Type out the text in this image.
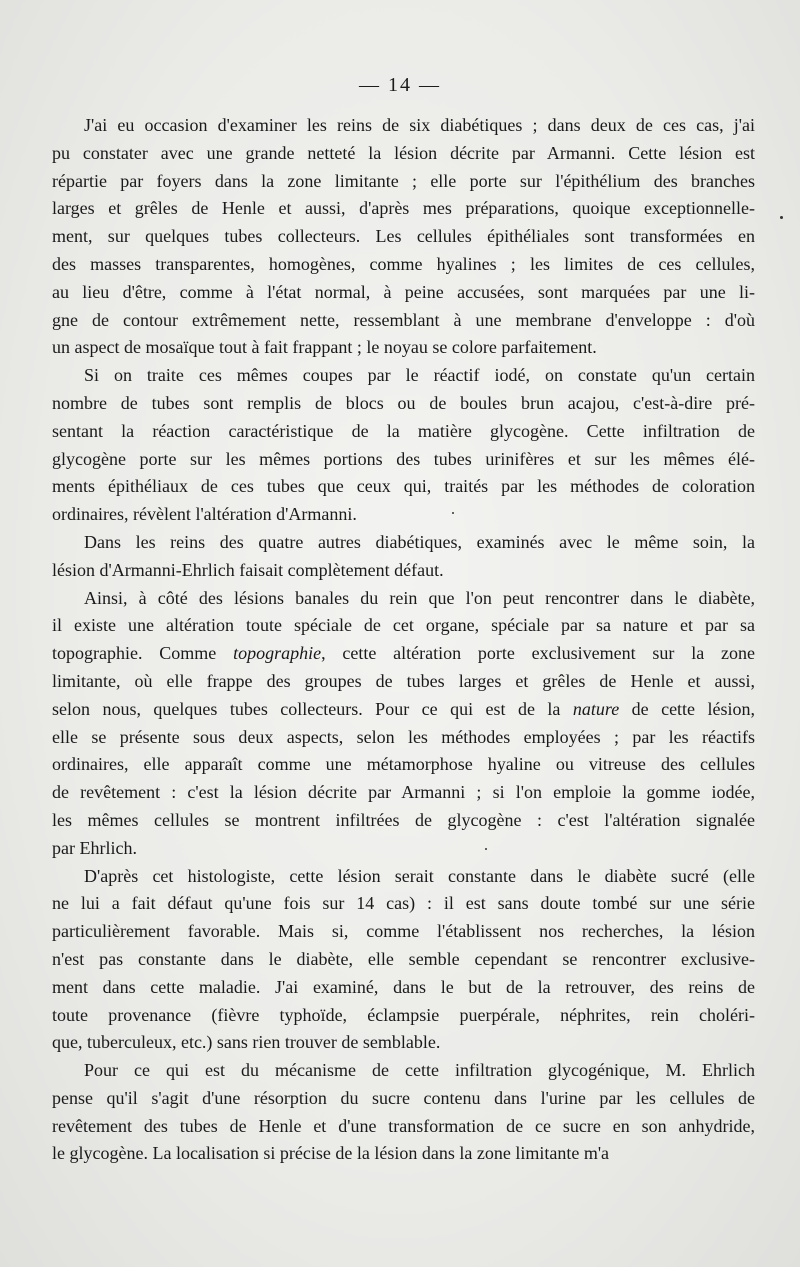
— 14 —

J'ai eu occasion d'examiner les reins de six diabétiques ; dans deux de ces cas, j'ai
pu constater avec une grande netteté la lésion décrite par Armanni. Cette lésion est
répartie par foyers dans la zone limitante ; elle porte sur l'épithélium des branches
larges et grêles de Henle et aussi, d'après mes préparations, quoique exceptionnelle-
ment, sur quelques tubes collecteurs. Les cellules épithéliales sont transformées en
des masses transparentes, homogènes, comme hyalines ; les limites de ces cellules,
au lieu d'être, comme à l'état normal, à peine accusées, sont marquées par une li-
gne de contour extrêmement nette, ressemblant à une membrane d'enveloppe : d'où
un aspect de mosaïque tout à fait frappant ; le noyau se colore parfaitement.

Si on traite ces mêmes coupes par le réactif iodé, on constate qu'un certain
nombre de tubes sont remplis de blocs ou de boules brun acajou, c'est-à-dire pré-
sentant la réaction caractéristique de la matière glycogène. Cette infiltration de
glycogène porte sur les mêmes portions des tubes urinifères et sur les mêmes élé-
ments épithéliaux de ces tubes que ceux qui, traités par les méthodes de coloration
ordinaires, révèlent l'altération d'Armanni.

Dans les reins des quatre autres diabétiques, examinés avec le même soin, la
lésion d'Armanni-Ehrlich faisait complètement défaut.

Ainsi, à côté des lésions banales du rein que l'on peut rencontrer dans le diabète,
il existe une altération toute spéciale de cet organe, spéciale par sa nature et par sa
topographie. Comme topographie, cette altération porte exclusivement sur la zone
limitante, où elle frappe des groupes de tubes larges et grêles de Henle et aussi,
selon nous, quelques tubes collecteurs. Pour ce qui est de la nature de cette lésion,
elle se présente sous deux aspects, selon les méthodes employées ; par les réactifs
ordinaires, elle apparaît comme une métamorphose hyaline ou vitreuse des cellules
de revêtement : c'est la lésion décrite par Armanni ; si l'on emploie la gomme iodée,
les mêmes cellules se montrent infiltrées de glycogène : c'est l'altération signalée
par Ehrlich.

D'après cet histologiste, cette lésion serait constante dans le diabète sucré (elle
ne lui a fait défaut qu'une fois sur 14 cas) : il est sans doute tombé sur une série
particulièrement favorable. Mais si, comme l'établissent nos recherches, la lésion
n'est pas constante dans le diabète, elle semble cependant se rencontrer exclusive-
ment dans cette maladie. J'ai examiné, dans le but de la retrouver, des reins de
toute provenance (fièvre typhoïde, éclampsie puerpérale, néphrites, rein choléri-
que, tuberculeux, etc.) sans rien trouver de semblable.

Pour ce qui est du mécanisme de cette infiltration glycogénique, M. Ehrlich
pense qu'il s'agit d'une résorption du sucre contenu dans l'urine par les cellules de
revêtement des tubes de Henle et d'une transformation de ce sucre en son anhydride,
le glycogène. La localisation si précise de la lésion dans la zone limitante m'a
